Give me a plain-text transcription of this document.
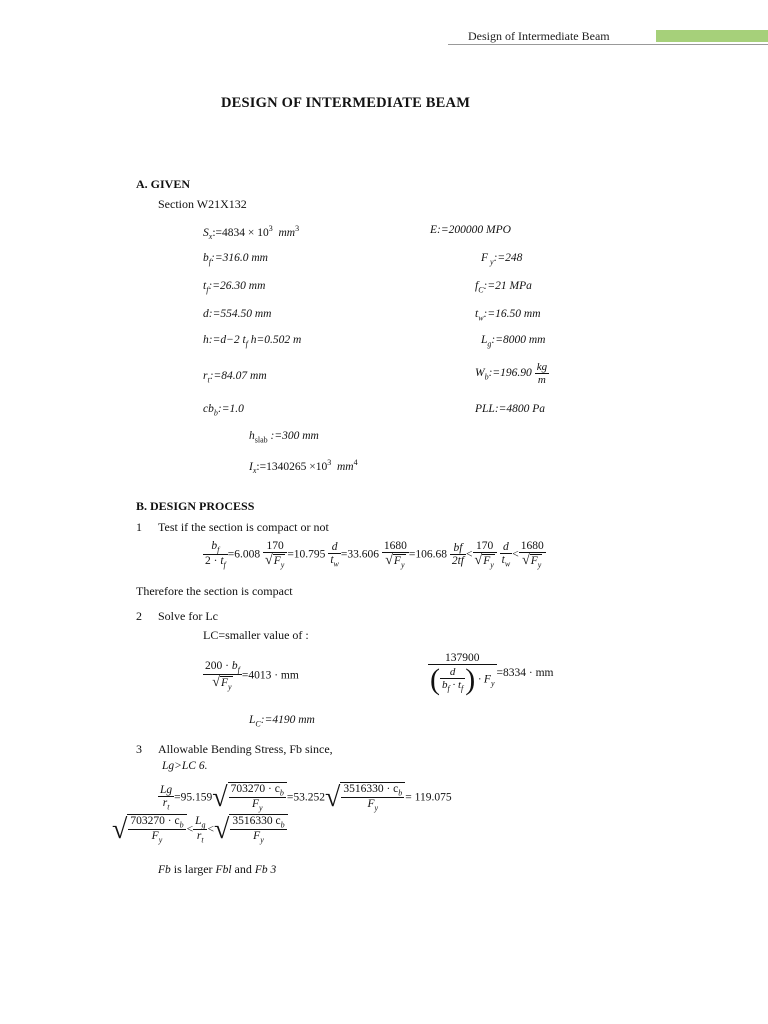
Design of Intermediate Beam
DESIGN OF INTERMEDIATE BEAM
A. GIVEN
Section W21X132
$S_x:=4834 \times 10^3$ $mm^3$	E:=200000 MPO
$b_f:=316.0$ mm	F $_y$:=248
$t_f:=26.30$ mm	$f_C:=21$ MPa
d:=554.50 mm	$t_w:=16.50$ mm
h:=d−2 $t_f$ h=0.502 m	$L_g:=8000$ mm
$r_t:=84.07$ mm	$W_b:=196.90 \frac{kg}{m}$
$cb_b:=1.0$	PLL:=4800 Pa
$h_{slab}$ :=300 mm
$I_x:=1340265 \times 10^3$ $mm^4$
B. DESIGN PROCESS
1 Test if the section is compact or not
$\frac{b_f}{2 \cdot t_f} =6.008 \frac{170}{√F_y} =10.795 \frac{d}{t_w} =33.606 \frac{1680}{√F_y} =106.68 \frac{bf}{2tf} < \frac{170}{√F_y}$
$\frac{d}{t_w} < \frac{1680}{√F_y}$
Therefore the section is compact
2 Solve for Lc
LC=smaller value of :
$\frac{200 \cdot b_f}{√F_y} =4013$ · mm	$\frac{137900}{( \frac{d}{b_f \cdot t_f} ) \cdot F_y} =8334$ · mm
$L_C:=4190$ mm
3 Allowable Bending Stress, Fb since,
Lg>LC 6.
$\frac{Lg}{r_t} =95.159√ \frac{703270 \cdot c_b}{F_y} =53.252√ \frac{3516330 \cdot c_b}{F_y} = 119.075$
√ $\frac{703270 \cdot c_b}{F_y} < \frac{L_g}{r_t}$ <√ $\frac{3516330 c_b}{F_y}$
Fb is larger Fbl and Fb 3
